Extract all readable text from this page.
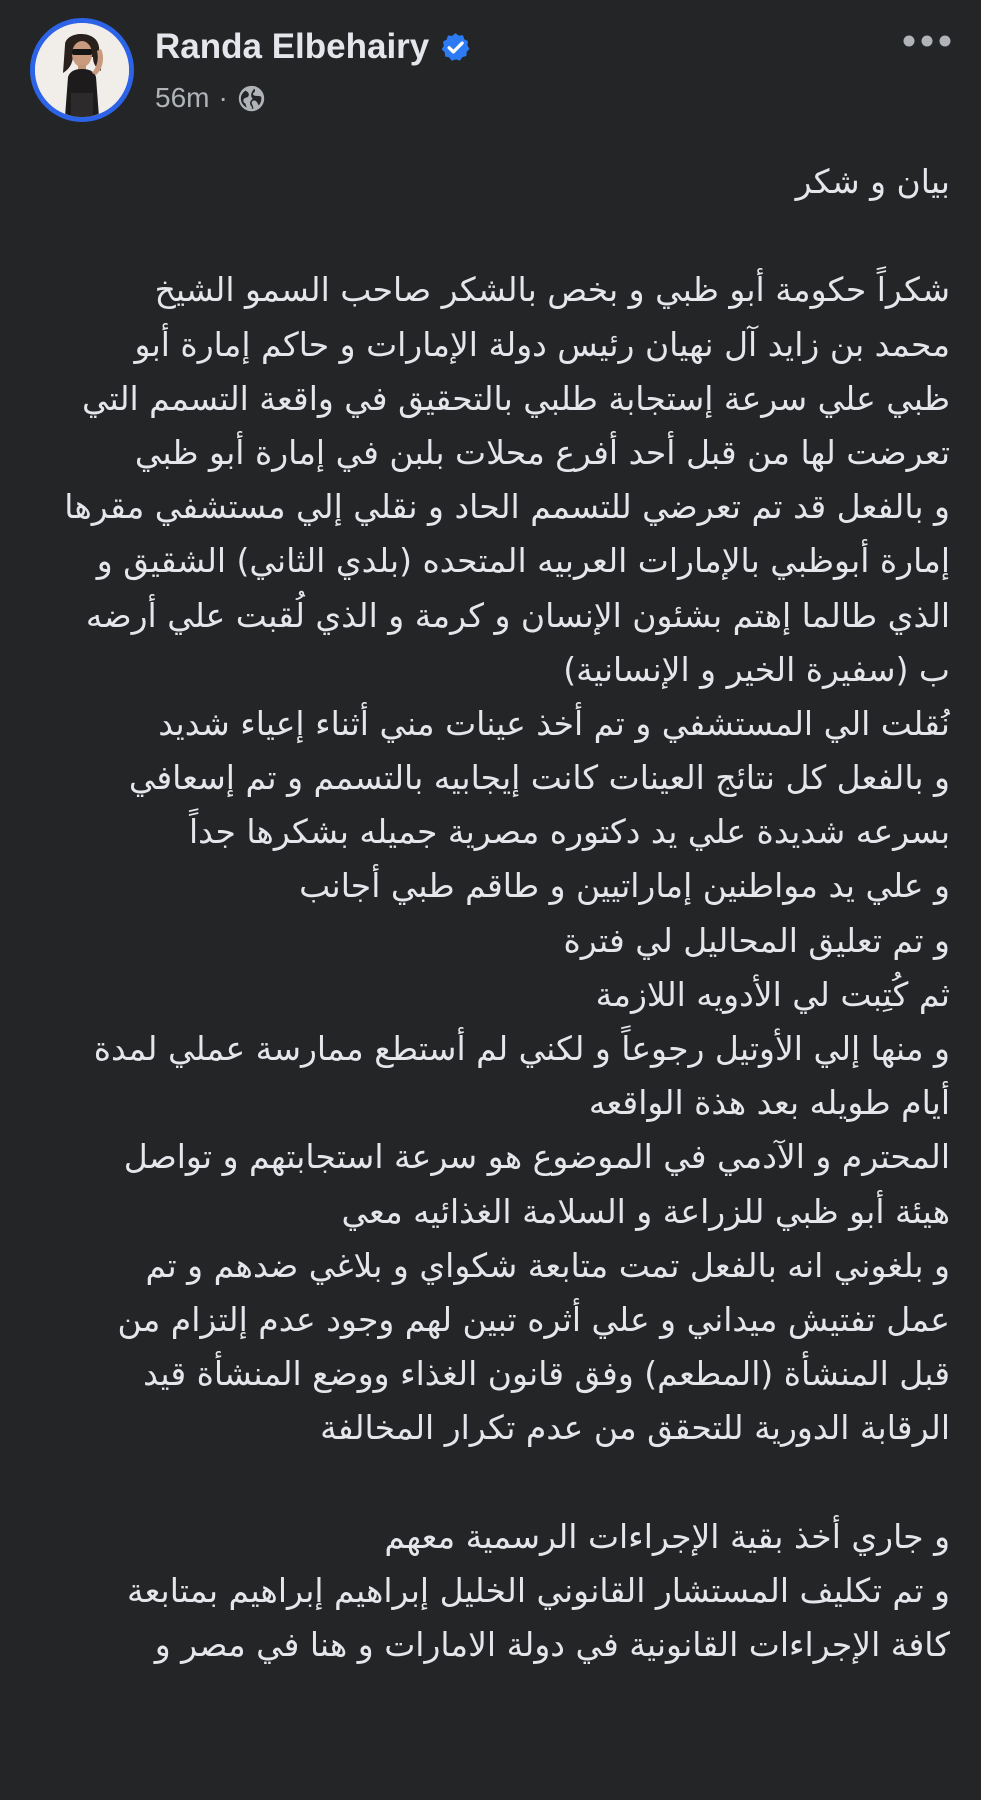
Randa Elbehairy
56m ·
بيان و شكر
شكراً حكومة أبو ظبي و بخص بالشكر صاحب السمو الشيخ
محمد بن زايد آل نهيان رئيس دولة الإمارات و حاكم إمارة أبو
ظبي علي سرعة إستجابة طلبي بالتحقيق في واقعة التسمم التي
تعرضت لها من قبل أحد أفرع محلات بلبن في إمارة أبو ظبي
و بالفعل قد تم تعرضي للتسمم الحاد و نقلي إلي مستشفي مقرها
إمارة أبوظبي بالإمارات العربيه المتحده (بلدي الثاني) الشقيق و
الذي طالما إهتم بشئون الإنسان و كرمة و الذي لُقبت علي أرضه
ب (سفيرة الخير و الإنسانية)
نُقلت الي المستشفي و تم أخذ عينات مني أثناء إعياء شديد
و بالفعل كل نتائج العينات كانت إيجابيه بالتسمم و تم إسعافي
بسرعه شديدة علي يد دكتوره مصرية جميله بشكرها جداً
و علي يد مواطنين إماراتيين و طاقم طبي أجانب
و تم تعليق المحاليل لي فترة
ثم كُتِبت لي الأدويه اللازمة
و منها إلي الأوتيل رجوعاً و لكني لم أستطع ممارسة عملي لمدة
أيام طويله بعد هذة الواقعه
المحترم و الآدمي في الموضوع هو سرعة استجابتهم و تواصل
هيئة أبو ظبي للزراعة و السلامة الغذائيه معي
و بلغوني انه بالفعل تمت متابعة شكواي و بلاغي ضدهم و تم
عمل تفتيش ميداني و علي أثره تبين لهم وجود عدم إلتزام من
قبل المنشأة (المطعم) وفق قانون الغذاء ووضع المنشأة قيد
الرقابة الدورية للتحقق من عدم تكرار المخالفة
و جاري أخذ بقية الإجراءات الرسمية معهم
و تم تكليف المستشار القانوني الخليل إبراهيم إبراهيم بمتابعة
كافة الإجراءات القانونية في دولة الامارات و هنا في مصر و
